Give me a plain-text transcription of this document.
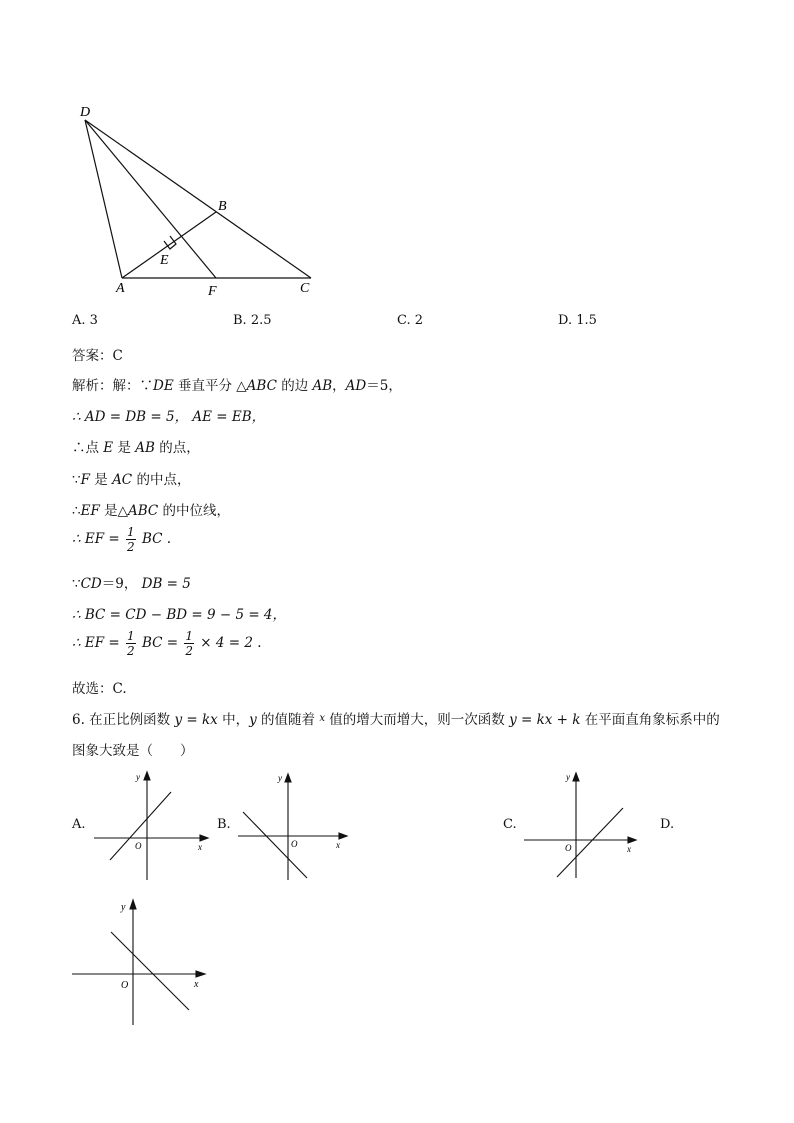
D
B
E
A	F	C
A. 3	B. 2.5	C. 2	D. 1.5
答案：C
解析：解：∵DE 垂直平分 △ABC 的边 AB，AD＝5，
∴ AD = DB = 5， AE = EB，
∴点 E 是 AB 的点，
∵F 是 AC 的中点，
∴EF 是△ABC 的中位线，
∴ EF = $\frac{1}{2}$ BC .
∵CD＝9， DB = 5
∴ BC = CD − BD = 9 − 5 = 4，
∴ EF = $\frac{1}{2}$ BC = $\frac{1}{2} \times 4 = 2$ .
故选：C.
6. 在正比例函数 y = kx 中，y 的值随着 $^x$ 值的增大而增大，则一次函数 y = kx + k 在平面直角象标系中的
图象大致是（　　）
A.	B.	C.	D.
y
x
O
y
x
O
y
x
O
y
x
O
